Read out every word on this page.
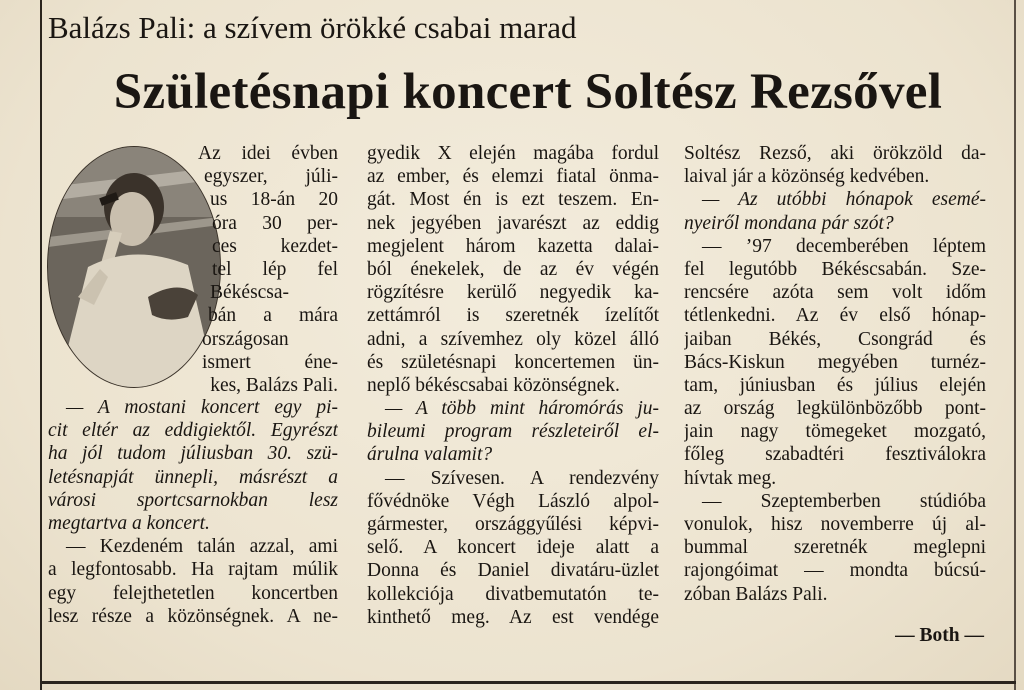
Balázs Pali: a szívem örökké csabai marad
Születésnapi koncert Soltész Rezsővel
Az idei évben
egyszer, júli-
us 18-án 20
óra 30 per-
ces kezdet-
tel lép fel
Békéscsa-
bán a mára
országosan
ismert éne-
kes, Balázs Pali.
— A mostani koncert egy pi-
cit eltér az eddigiektől. Egyrészt
ha jól tudom júliusban 30. szü-
letésnapját ünnepli, másrészt a
városi sportcsarnokban lesz
megtartva a koncert.
— Kezdeném talán azzal, ami
a legfontosabb. Ha rajtam múlik
egy felejthetetlen koncertben
lesz része a közönségnek. A ne-
gyedik X elején magába fordul
az ember, és elemzi fiatal önma-
gát. Most én is ezt teszem. En-
nek jegyében javarészt az eddig
megjelent három kazetta dalai-
ból énekelek, de az év végén
rögzítésre kerülő negyedik ka-
zettámról is szeretnék ízelítőt
adni, a szívemhez oly közel álló
és születésnapi koncertemen ün-
neplő békéscsabai közönségnek.
— A több mint háromórás ju-
bileumi program részleteiről el-
árulna valamit?
— Szívesen. A rendezvény
fővédnöke Végh László alpol-
gármester, országgyűlési képvi-
selő. A koncert ideje alatt a
Donna és Daniel divatáru-üzlet
kollekciója divatbemutatón te-
kinthető meg. Az est vendége
Soltész Rezső, aki örökzöld da-
laival jár a közönség kedvében.
— Az utóbbi hónapok esemé-
nyeiről mondana pár szót?
— ’97 decemberében léptem
fel legutóbb Békéscsabán. Sze-
rencsére azóta sem volt időm
tétlenkedni. Az év első hónap-
jaiban Békés, Csongrád és
Bács-Kiskun megyében turnéz-
tam, júniusban és július elején
az ország legkülönbözőbb pont-
jain nagy tömegeket mozgató,
főleg szabadtéri fesztiválokra
hívtak meg.
— Szeptemberben stúdióba
vonulok, hisz novemberre új al-
bummal szeretnék meglepni
rajongóimat — mondta búcsú-
zóban Balázs Pali.
— Both —
